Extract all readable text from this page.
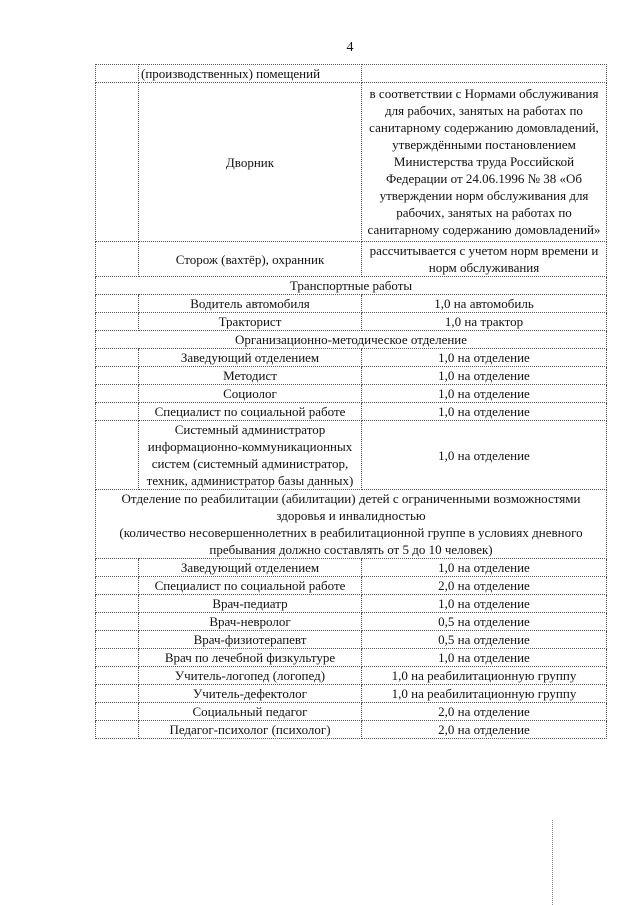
4
	(производственных) помещений	
	Дворник	в соответствии с Нормами обслуживания для рабочих, занятых на работах по санитарному содержанию домовладений, утверждёнными постановлением Министерства труда Российской Федерации от 24.06.1996 № 38 «Об утверждении норм обслуживания для рабочих, занятых на работах по санитарному содержанию домовладений»
	Сторож (вахтёр), охранник	рассчитывается с учетом норм времени и норм обслуживания

Транспортные работы		

	Водитель автомобиля	1,0 на автомобиль
	Тракторист	1,0 на трактор

Организационно-методическое отделение		

	Заведующий отделением	1,0 на отделение
	Методист	1,0 на отделение
	Социолог	1,0 на отделение
	Специалист по социальной работе	1,0 на отделение
	Системный администратор информационно-коммуникационных систем (системный администратор, техник, администратор базы данных)	1,0 на отделение

Отделение по реабилитации (абилитации) детей с ограниченными возможностями здоровья и инвалидностью
(количество несовершеннолетних в реабилитационной группе в условиях дневного пребывания должно составлять от 5 до 10 человек)		

	Заведующий отделением	1,0 на отделение
	Специалист по социальной работе	2,0 на отделение
	Врач-педиатр	1,0 на отделение
	Врач-невролог	0,5 на отделение
	Врач-физиотерапевт	0,5 на отделение
	Врач по лечебной физкультуре	1,0 на отделение
	Учитель-логопед (логопед)	1,0 на реабилитационную группу
	Учитель-дефектолог	1,0 на реабилитационную группу
	Социальный педагог	2,0 на отделение
	Педагог-психолог (психолог)	2,0 на отделение
